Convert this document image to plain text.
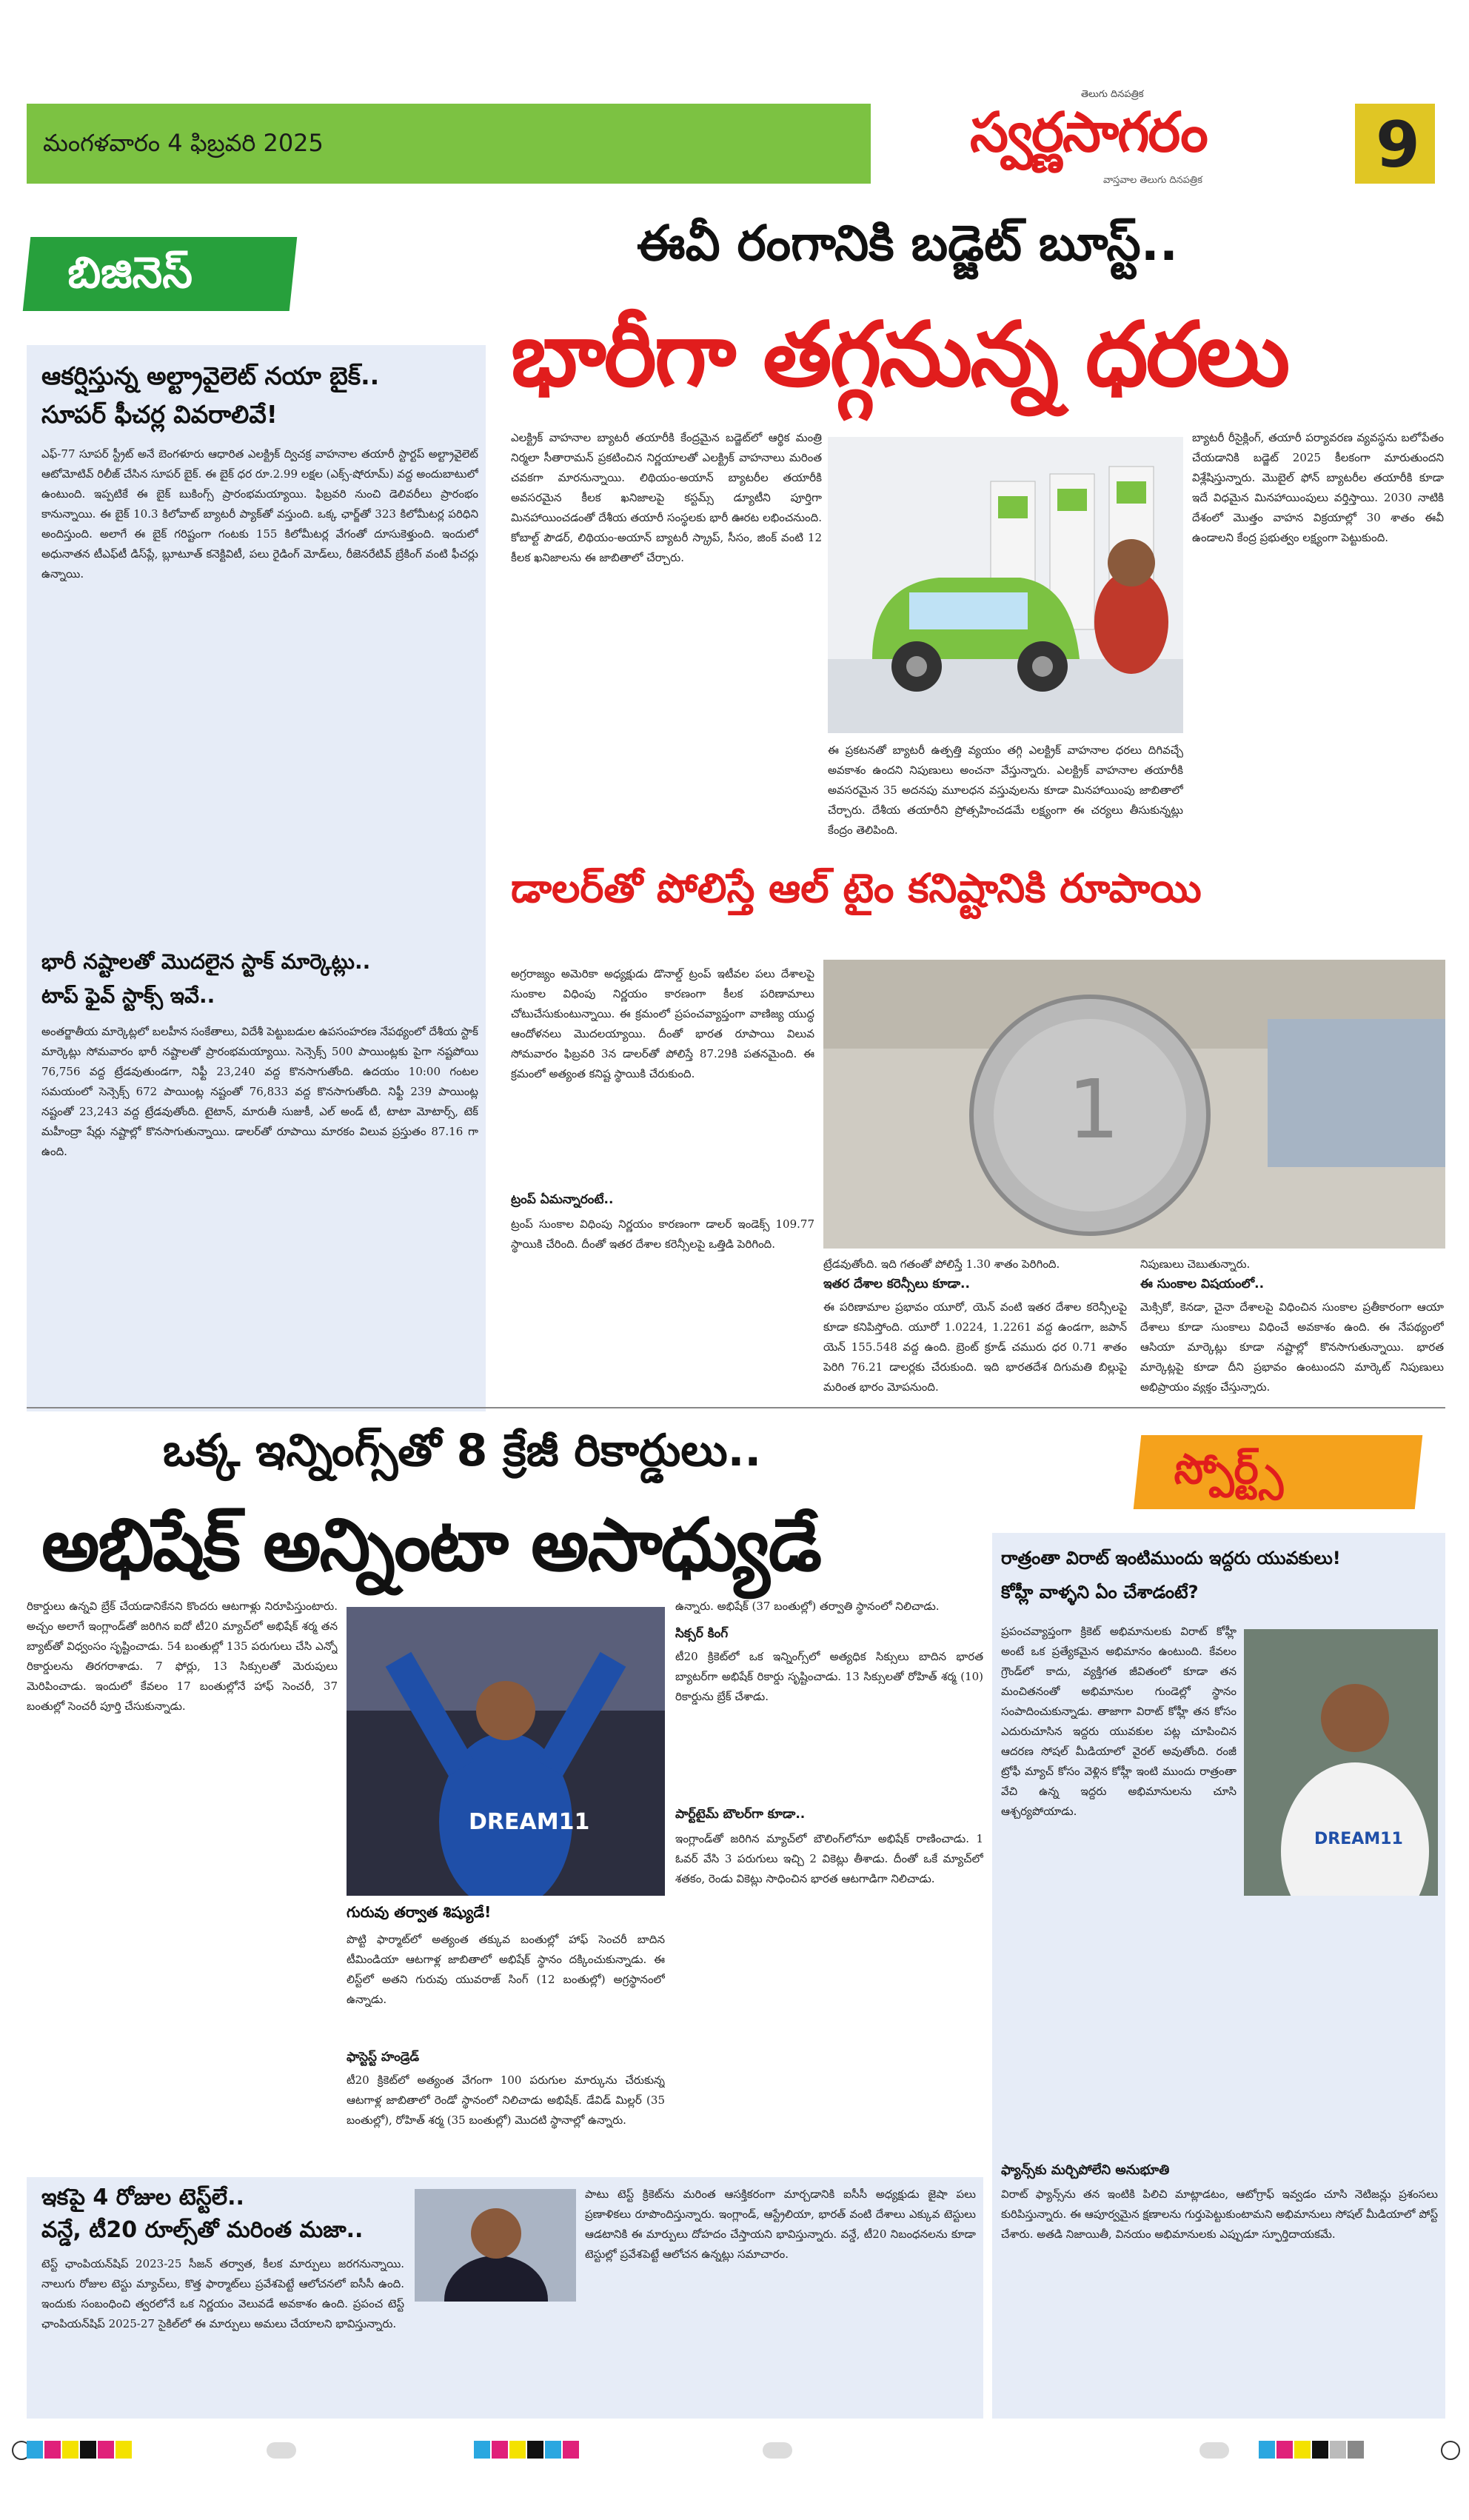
మంగళవారం 4 ఫిబ్రవరి 2025
తెలుగు దినపత్రిక
స్వర్ణసాగరం
వాస్తవాల తెలుగు దినపత్రిక	9
బిజినెస్
ఈవీ రంగానికి బడ్జెట్ బూస్ట్..
భారీగా తగ్గనున్న ధరలు
ఆకర్షిస్తున్న అల్ట్రావైలెట్ నయా బైక్..
సూపర్ ఫీచర్ల వివరాలివే!
ఎఫ్-77 సూపర్ స్ట్రీట్ అనే బెంగళూరు ఆధారిత ఎలక్ట్రిక్ ద్విచక్ర వాహనాల తయారీ స్టార్టప్ అల్ట్రావైలెట్ ఆటోమోటివ్ రిలీజ్ చేసిన సూపర్ బైక్. ఈ బైక్ ధర రూ.2.99 లక్షల (ఎక్స్-షోరూమ్) వద్ద అందుబాటులో ఉంటుంది. ఇప్పటికే ఈ బైక్ బుకింగ్స్ ప్రారంభమయ్యాయి. ఫిబ్రవరి నుంచి డెలివరీలు ప్రారంభం కానున్నాయి. ఈ బైక్ 10.3 కిలోవాట్ బ్యాటరీ ప్యాక్‌తో వస్తుంది. ఒక్క ఛార్జ్‌తో 323 కిలోమీటర్ల పరిధిని అందిస్తుంది. అలాగే ఈ బైక్ గరిష్టంగా గంటకు 155 కిలోమీటర్ల వేగంతో దూసుకెళ్తుంది. ఇందులో అధునాతన టీఎఫ్‌టీ డిస్‌ప్లే, బ్లూటూత్ కనెక్టివిటీ, పలు రైడింగ్ మోడ్‌లు, రీజెనరేటివ్ బ్రేకింగ్ వంటి ఫీచర్లు ఉన్నాయి.
భారీ నష్టాలతో మొదలైన స్టాక్ మార్కెట్లు..
టాప్ ఫైవ్ స్టాక్స్ ఇవే..
అంతర్జాతీయ మార్కెట్లలో బలహీన సంకేతాలు, విదేశీ పెట్టుబడుల ఉపసంహరణ నేపథ్యంలో దేశీయ స్టాక్ మార్కెట్లు సోమవారం భారీ నష్టాలతో ప్రారంభమయ్యాయి. సెన్సెక్స్ 500 పాయింట్లకు పైగా నష్టపోయి 76,756 వద్ద ట్రేడవుతుండగా, నిఫ్టీ 23,240 వద్ద కొనసాగుతోంది. ఉదయం 10:00 గంటల సమయంలో సెన్సెక్స్ 672 పాయింట్ల నష్టంతో 76,833 వద్ద కొనసాగుతోంది. నిఫ్టీ 239 పాయింట్ల నష్టంతో 23,243 వద్ద ట్రేడవుతోంది. టైటాన్, మారుతీ సుజుకీ, ఎల్ అండ్ టీ, టాటా మోటార్స్, టెక్ మహీంద్రా షేర్లు నష్టాల్లో కొనసాగుతున్నాయి. డాలర్‌తో రూపాయి మారకం విలువ ప్రస్తుతం 87.16 గా ఉంది.
ఎలక్ట్రిక్ వాహనాల బ్యాటరీ తయారీకి కేంద్రమైన బడ్జెట్‌లో ఆర్థిక మంత్రి నిర్మలా సీతారామన్ ప్రకటించిన నిర్ణయాలతో ఎలక్ట్రిక్ వాహనాలు మరింత చవకగా మారనున్నాయి. లిథియం-అయాన్ బ్యాటరీల తయారీకి అవసరమైన కీలక ఖనిజాలపై కస్టమ్స్ డ్యూటీని పూర్తిగా మినహాయించడంతో దేశీయ తయారీ సంస్థలకు భారీ ఊరట లభించనుంది. కోబాల్ట్ పౌడర్, లిథియం-అయాన్ బ్యాటరీ స్క్రాప్, సీసం, జింక్ వంటి 12 కీలక ఖనిజాలను ఈ జాబితాలో చేర్చారు.
ఈ ప్రకటనతో బ్యాటరీ ఉత్పత్తి వ్యయం తగ్గి ఎలక్ట్రిక్ వాహనాల ధరలు దిగివచ్చే అవకాశం ఉందని నిపుణులు అంచనా వేస్తున్నారు. ఎలక్ట్రిక్ వాహనాల తయారీకి అవసరమైన 35 అదనపు మూలధన వస్తువులను కూడా మినహాయింపు జాబితాలో చేర్చారు. దేశీయ తయారీని ప్రోత్సహించడమే లక్ష్యంగా ఈ చర్యలు తీసుకున్నట్లు కేంద్రం తెలిపింది.
బ్యాటరీ రీసైక్లింగ్, తయారీ పర్యావరణ వ్యవస్థను బలోపేతం చేయడానికి బడ్జెట్ 2025 కీలకంగా మారుతుందని విశ్లేషిస్తున్నారు. మొబైల్ ఫోన్ బ్యాటరీల తయారీకి కూడా ఇదే విధమైన మినహాయింపులు వర్తిస్తాయి. 2030 నాటికి దేశంలో మొత్తం వాహన విక్రయాల్లో 30 శాతం ఈవీ ఉండాలని కేంద్ర ప్రభుత్వం లక్ష్యంగా పెట్టుకుంది.
డాలర్‌తో పోలిస్తే ఆల్ టైం కనిష్టానికి రూపాయి
అగ్రరాజ్యం అమెరికా అధ్యక్షుడు డొనాల్డ్ ట్రంప్ ఇటీవల పలు దేశాలపై సుంకాల విధింపు నిర్ణయం కారణంగా కీలక పరిణామాలు చోటుచేసుకుంటున్నాయి. ఈ క్రమంలో ప్రపంచవ్యాప్తంగా వాణిజ్య యుద్ధ ఆందోళనలు మొదలయ్యాయి. దీంతో భారత రూపాయి విలువ సోమవారం ఫిబ్రవరి 3న డాలర్‌తో పోలిస్తే 87.29కి పతనమైంది. ఈ క్రమంలో అత్యంత కనిష్ట స్థాయికి చేరుకుంది.
ట్రంప్ ఏమన్నారంటే..
ట్రంప్ సుంకాల విధింపు నిర్ణయం కారణంగా డాలర్ ఇండెక్స్ 109.77 స్థాయికి చేరింది. దీంతో ఇతర దేశాల కరెన్సీలపై ఒత్తిడి పెరిగింది.
1
ట్రేడవుతోంది. ఇది గతంతో పోలిస్తే 1.30 శాతం పెరిగింది.
ఇతర దేశాల కరెన్సీలు కూడా..
ఈ పరిణామాల ప్రభావం యూరో, యెన్ వంటి ఇతర దేశాల కరెన్సీలపై కూడా కనిపిస్తోంది. యూరో 1.0224, 1.2261 వద్ద ఉండగా, జపాన్ యెన్ 155.548 వద్ద ఉంది. బ్రెంట్ క్రూడ్ చమురు ధర 0.71 శాతం పెరిగి 76.21 డాలర్లకు చేరుకుంది. ఇది భారతదేశ దిగుమతి బిల్లుపై మరింత భారం మోపనుంది.
నిపుణులు చెబుతున్నారు.
ఈ సుంకాల విషయంలో..
మెక్సికో, కెనడా, చైనా దేశాలపై విధించిన సుంకాల ప్రతీకారంగా ఆయా దేశాలు కూడా సుంకాలు విధించే అవకాశం ఉంది. ఈ నేపథ్యంలో ఆసియా మార్కెట్లు కూడా నష్టాల్లో కొనసాగుతున్నాయి. భారత మార్కెట్లపై కూడా దీని ప్రభావం ఉంటుందని మార్కెట్ నిపుణులు అభిప్రాయం వ్యక్తం చేస్తున్నారు.
ఒక్క ఇన్నింగ్స్‌తో 8 క్రేజీ రికార్డులు..
అభిషేక్ అన్నింటా అసాధ్యుడే
స్పోర్ట్స్
రికార్డులు ఉన్నవి బ్రేక్ చేయడానికేనని కొందరు ఆటగాళ్లు నిరూపిస్తుంటారు. అచ్చం అలాగే ఇంగ్లాండ్‌తో జరిగిన ఐదో టీ20 మ్యాచ్‌లో అభిషేక్ శర్మ తన బ్యాట్‌తో విధ్వంసం సృష్టించాడు. 54 బంతుల్లో 135 పరుగులు చేసి ఎన్నో రికార్డులను తిరగరాశాడు. 7 ఫోర్లు, 13 సిక్సులతో మెరుపులు మెరిపించాడు. ఇందులో కేవలం 17 బంతుల్లోనే హాఫ్ సెంచరీ, 37 బంతుల్లో సెంచరీ పూర్తి చేసుకున్నాడు.
DREAM11
గురువు తర్వాత శిష్యుడే!
పొట్టి ఫార్మాట్‌లో అత్యంత తక్కువ బంతుల్లో హాఫ్ సెంచరీ బాదిన టీమిండియా ఆటగాళ్ల జాబితాలో అభిషేక్ స్థానం దక్కించుకున్నాడు. ఈ లిస్ట్‌లో అతని గురువు యువరాజ్ సింగ్ (12 బంతుల్లో) అగ్రస్థానంలో ఉన్నాడు.
ఫాస్టెస్ట్ హండ్రెడ్
టీ20 క్రికెట్‌లో అత్యంత వేగంగా 100 పరుగుల మార్కును చేరుకున్న ఆటగాళ్ల జాబితాలో రెండో స్థానంలో నిలిచాడు అభిషేక్. డేవిడ్ మిల్లర్ (35 బంతుల్లో), రోహిత్ శర్మ (35 బంతుల్లో) మొదటి స్థానాల్లో ఉన్నారు.
ఉన్నారు. అభిషేక్ (37 బంతుల్లో) తర్వాతి స్థానంలో నిలిచాడు.
సిక్సర్ కింగ్
టీ20 క్రికెట్‌లో ఒక ఇన్నింగ్స్‌లో అత్యధిక సిక్సులు బాదిన భారత బ్యాటర్‌గా అభిషేక్ రికార్డు సృష్టించాడు. 13 సిక్సులతో రోహిత్ శర్మ (10) రికార్డును బ్రేక్ చేశాడు.
పార్ట్‌టైమ్ బౌలర్‌గా కూడా..
ఇంగ్లాండ్‌తో జరిగిన మ్యాచ్‌లో బౌలింగ్‌లోనూ అభిషేక్ రాణించాడు. 1 ఓవర్ వేసి 3 పరుగులు ఇచ్చి 2 వికెట్లు తీశాడు. దీంతో ఒకే మ్యాచ్‌లో శతకం, రెండు వికెట్లు సాధించిన భారత ఆటగాడిగా నిలిచాడు.
రాత్రంతా విరాట్ ఇంటిముందు ఇద్దరు యువకులు!
కోహ్లీ వాళ్ళని ఏం చేశాడంటే?
DREAM11
ప్రపంచవ్యాప్తంగా క్రికెట్ అభిమానులకు విరాట్ కోహ్లీ అంటే ఒక ప్రత్యేకమైన అభిమానం ఉంటుంది. కేవలం గ్రౌండ్‌లో కాదు, వ్యక్తిగత జీవితంలో కూడా తన మంచితనంతో అభిమానుల గుండెల్లో స్థానం సంపాదించుకున్నాడు. తాజాగా విరాట్ కోహ్లీ తన కోసం ఎదురుచూసిన ఇద్దరు యువకుల పట్ల చూపించిన ఆదరణ సోషల్ మీడియాలో వైరల్ అవుతోంది. రంజీ ట్రోఫీ మ్యాచ్ కోసం వెళ్లిన కోహ్లీ ఇంటి ముందు రాత్రంతా వేచి ఉన్న ఇద్దరు అభిమానులను చూసి ఆశ్చర్యపోయాడు.
ఫ్యాన్స్‌కు మర్చిపోలేని అనుభూతి
విరాట్ ఫ్యాన్స్‌ను తన ఇంటికి పిలిచి మాట్లాడటం, ఆటోగ్రాఫ్ ఇవ్వడం చూసి నెటిజన్లు ప్రశంసలు కురిపిస్తున్నారు. ఈ ఆపూర్వమైన క్షణాలను గుర్తుపెట్టుకుంటామని అభిమానులు సోషల్ మీడియాలో పోస్ట్ చేశారు. అతడి నిజాయితీ, వినయం అభిమానులకు ఎప్పుడూ స్ఫూర్తిదాయకమే.
ఇకపై 4 రోజుల టెస్ట్‌లే..
వన్డే, టీ20 రూల్స్‌తో మరింత మజా..
టెస్ట్ ఛాంపియన్‌షిప్ 2023-25 సీజన్ తర్వాత, కీలక మార్పులు జరగనున్నాయి. నాలుగు రోజుల టెస్టు మ్యాచ్‌లు, కొత్త ఫార్మాట్‌లు ప్రవేశపెట్టే ఆలోచనలో ఐసీసీ ఉంది. ఇందుకు సంబంధించి త్వరలోనే ఒక నిర్ణయం వెలువడే అవకాశం ఉంది. ప్రపంచ టెస్ట్ ఛాంపియన్‌షిప్ 2025-27 సైకిల్‌లో ఈ మార్పులు అమలు చేయాలని భావిస్తున్నారు.
పాటు టెస్ట్ క్రికెట్‌ను మరింత ఆసక్తికరంగా మార్చడానికి ఐసీసీ అధ్యక్షుడు జైషా పలు ప్రణాళికలు రూపొందిస్తున్నారు. ఇంగ్లాండ్, ఆస్ట్రేలియా, భారత్ వంటి దేశాలు ఎక్కువ టెస్టులు ఆడటానికి ఈ మార్పులు దోహదం చేస్తాయని భావిస్తున్నారు. వన్డే, టీ20 నిబంధనలను కూడా టెస్టుల్లో ప్రవేశపెట్టే ఆలోచన ఉన్నట్లు సమాచారం.
